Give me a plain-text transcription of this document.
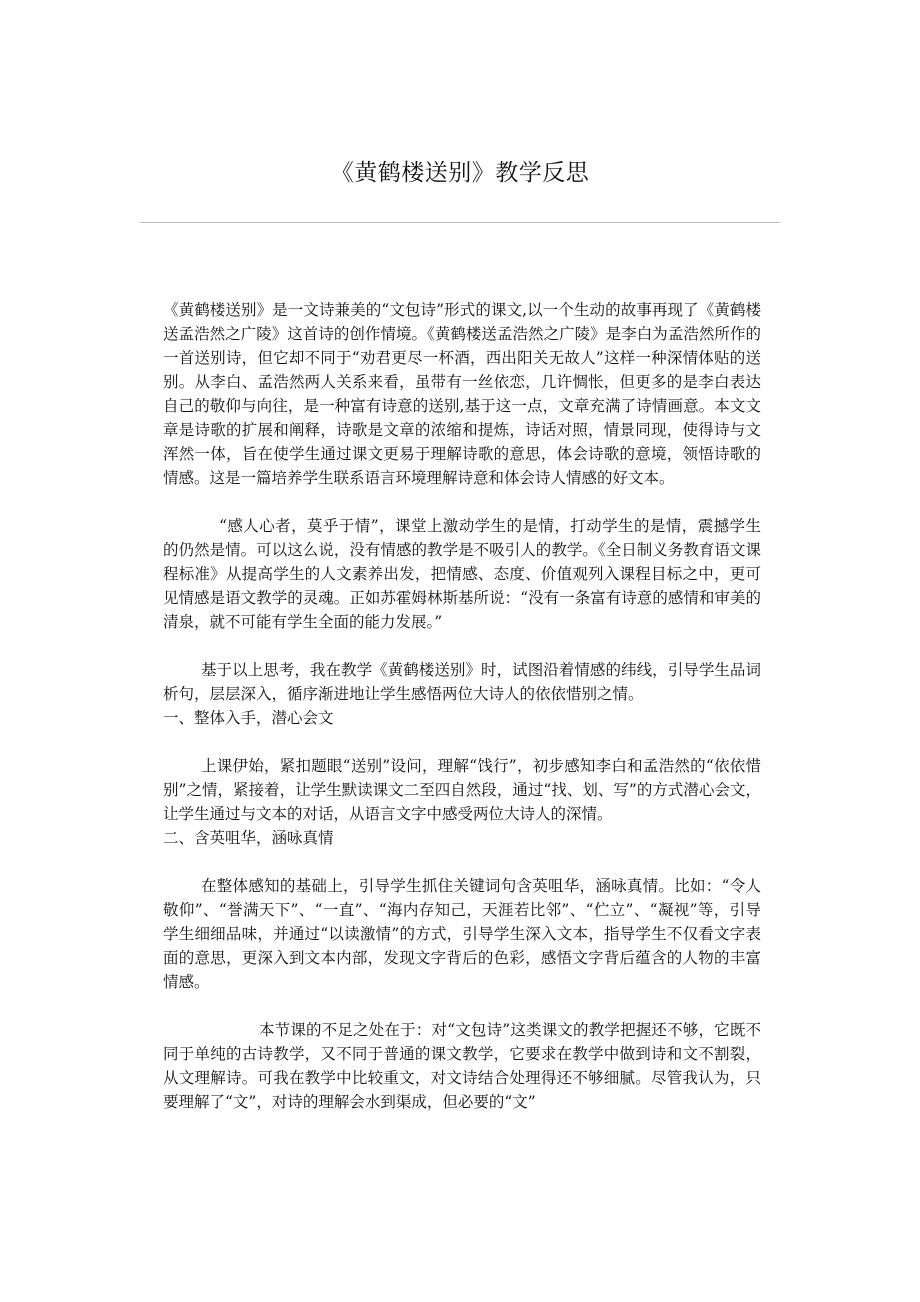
《黄鹤楼送别》教学反思

《黄鹤楼送别》是一文诗兼美的“文包诗”形式的课文,以一个生动的故事再现了《黄鹤楼送孟浩然之广陵》这首诗的创作情境。《黄鹤楼送孟浩然之广陵》是李白为孟浩然所作的一首送别诗，但它却不同于“劝君更尽一杯酒，西出阳关无故人”这样一种深情体贴的送别。从李白、孟浩然两人关系来看，虽带有一丝依恋，几许惆怅，但更多的是李白表达自己的敬仰与向往，是一种富有诗意的送别,基于这一点，文章充满了诗情画意。本文文章是诗歌的扩展和阐释，诗歌是文章的浓缩和提炼，诗话对照，情景同现，使得诗与文浑然一体，旨在使学生通过课文更易于理解诗歌的意思，体会诗歌的意境，领悟诗歌的情感。这是一篇培养学生联系语言环境理解诗意和体会诗人情感的好文本。

“感人心者，莫乎于情”，课堂上激动学生的是情，打动学生的是情，震撼学生的仍然是情。可以这么说，没有情感的教学是不吸引人的教学。《全日制义务教育语文课程标准》从提高学生的人文素养出发，把情感、态度、价值观列入课程目标之中，更可见情感是语文教学的灵魂。正如苏霍姆林斯基所说：“没有一条富有诗意的感情和审美的清泉，就不可能有学生全面的能力发展。”

基于以上思考，我在教学《黄鹤楼送别》时，试图沿着情感的纬线，引导学生品词析句，层层深入，循序渐进地让学生感悟两位大诗人的依依惜别之情。

一、整体入手，潜心会文

上课伊始，紧扣题眼“送别”设问，理解“饯行”，初步感知李白和孟浩然的“依依惜别”之情，紧接着，让学生默读课文二至四自然段，通过“找、划、写”的方式潜心会文，让学生通过与文本的对话，从语言文字中感受两位大诗人的深情。

二、含英咀华，涵咏真情

在整体感知的基础上，引导学生抓住关键词句含英咀华，涵咏真情。比如：“令人敬仰”、“誉满天下”、“一直”、“海内存知己，天涯若比邻”、“伫立”、“凝视”等，引导学生细细品味，并通过“以读激情”的方式，引导学生深入文本，指导学生不仅看文字表面的意思，更深入到文本内部，发现文字背后的色彩，感悟文字背后蕴含的人物的丰富情感。

本节课的不足之处在于：对“文包诗”这类课文的教学把握还不够，它既不同于单纯的古诗教学，又不同于普通的课文教学，它要求在教学中做到诗和文不割裂，从文理解诗。可我在教学中比较重文，对文诗结合处理得还不够细腻。尽管我认为，只要理解了“文”，对诗的理解会水到渠成，但必要的“文”
